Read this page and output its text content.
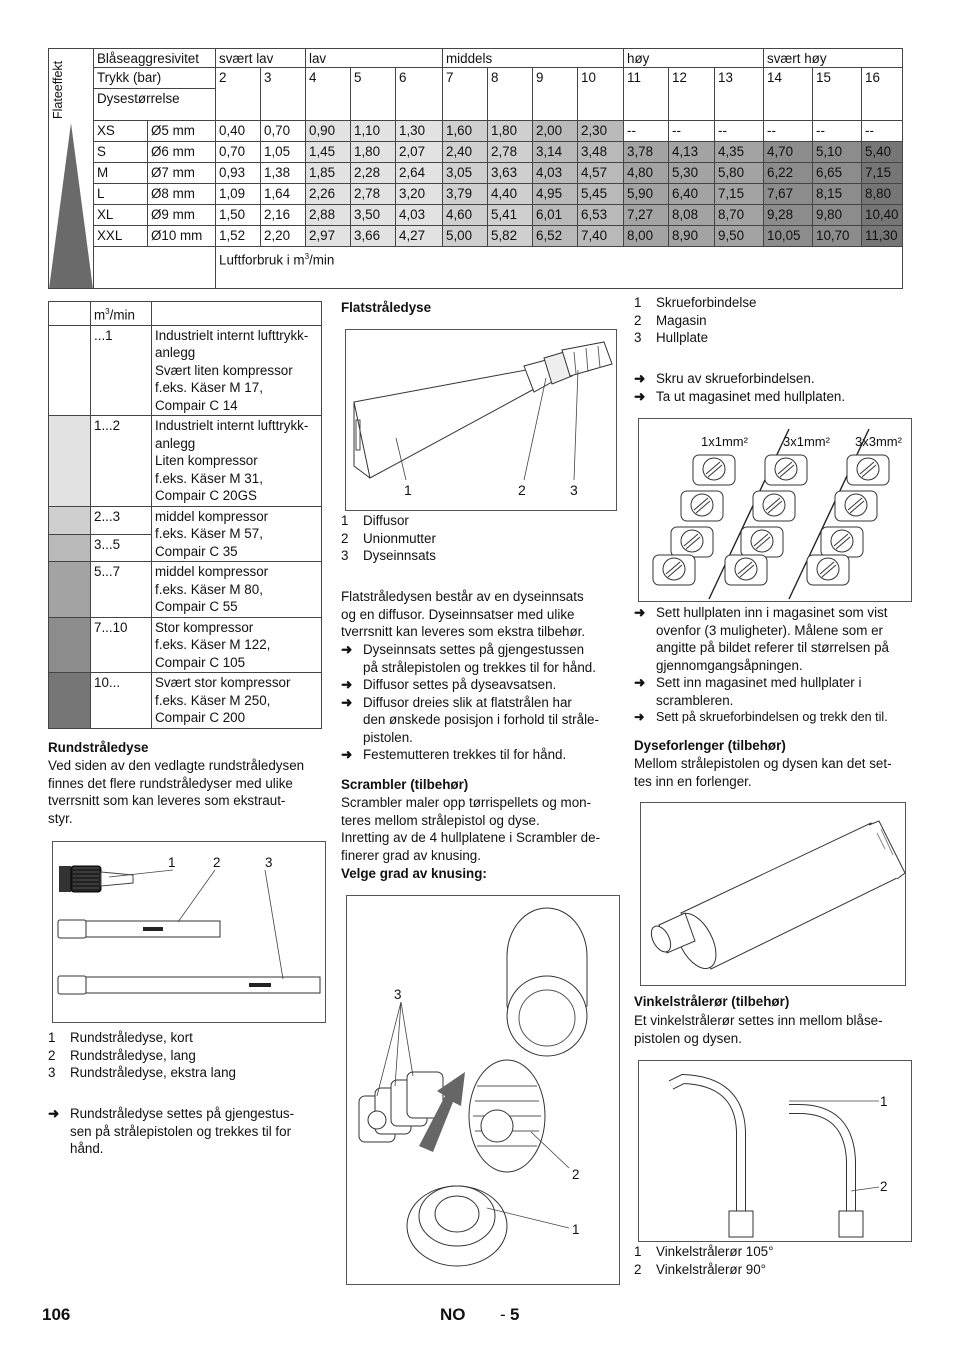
Flateeffekt	Blåseaggresivitet		svært lav		lav			middels				høy			svært høy		
	Trykk (bar)		2	3	4	5	6	7	8	9	10	11	12	13	14	15	16
	Dysestørrelse																
	XS	Ø5 mm	0,40	0,70	0,90	1,10	1,30	1,60	1,80	2,00	2,30	--	--	--	--	--	--
	S	Ø6 mm	0,70	1,05	1,45	1,80	2,07	2,40	2,78	3,14	3,48	3,78	4,13	4,35	4,70	5,10	5,40
	M	Ø7 mm	0,93	1,38	1,85	2,28	2,64	3,05	3,63	4,03	4,57	4,80	5,30	5,80	6,22	6,65	7,15
	L	Ø8 mm	1,09	1,64	2,26	2,78	3,20	3,79	4,40	4,95	5,45	5,90	6,40	7,15	7,67	8,15	8,80
	XL	Ø9 mm	1,50	2,16	2,88	3,50	4,03	4,60	5,41	6,01	6,53	7,27	8,08	8,70	9,28	9,80	10,40
	XXL	Ø10 mm	1,52	2,20	2,97	3,66	4,27	5,00	5,82	6,52	7,40	8,00	8,90	9,50	10,05	10,70	11,30
			Luftforbruk i $m^3/\min$														
	$m^3/\min$	
	...1	Industrielt internt lufttrykk-
anlegg
Svært liten kompressor
f.eks. Käser M 17,
Compair C 14

	1...2	Industrielt internt lufttrykk-
anlegg
Liten kompressor
f.eks. Käser M 31,
Compair C 20GS

	2...3	middel kompressor
f.eks. Käser M 57,
Compair C 35

	3...5	
	5...7	middel kompressor
f.eks. Käser M 80,
Compair C 55

	7...10	Stor kompressor
f.eks. Käser M 122,
Compair C 105

	10...	Svært stor kompressor
f.eks. Käser M 250,
Compair C 200
Rundstråledyse
Ved siden av den vedlagte rundstråledysen
finnes det flere rundstråledyser med ulike
tverrsnitt som kan leveres som ekstraut-
styr.
1	2	3
1	Rundstråledyse, kort
2	Rundstråledyse, lang
3	Rundstråledyse, ekstra lang
➜ Rundstråledyse settes på gjengestus-
sen på strålepistolen og trekkes til for
hånd.
Flatstråledyse
1	2	3
1	Diffusor
2	Unionmutter
3	Dyseinnsats
Flatstråledysen består av en dyseinnsats
og en diffusor. Dyseinnsatser med ulike
tverrsnitt kan leveres som ekstra tilbehør.
➜ Dyseinnsats settes på gjengestussen
på strålepistolen og trekkes til for hånd.
➜ Diffusor settes på dyseavsatsen.
➜ Diffusor dreies slik at flatstrålen har
den ønskede posisjon i forhold til stråle-
pistolen.
➜ Festemutteren trekkes til for hånd.
Scrambler (tilbehør)
Scrambler maler opp tørrispellets og mon-
teres mellom strålepistol og dyse.
Inretting av de 4 hullplatene i Scrambler de-
finerer grad av knusing.
Velge grad av knusing:
3
2
1
1	Skrueforbindelse
2	Magasin
3	Hullplate
➜ Skru av skrueforbindelsen.
➜ Ta ut magasinet med hullplaten.
1x1mm²	3x1mm² 3x3mm²
➜ Sett hullplaten inn i magasinet som vist
ovenfor (3 muligheter). Målene som er
angitte på bildet referer til størrelsen på
gjennomgangsåpningen.
➜ Sett inn magasinet med hullplater i
scrambleren.
➜ Sett på skrueforbindelsen og trekk den til.
Dyseforlenger (tilbehør)
Mellom strålepistolen og dysen kan det set-
tes inn en forlenger.
Vinkelstrålerør (tilbehør)
Et vinkelstrålerør settes inn mellom blåse-
pistolen og dysen.
1
2
1	Vinkelstrålerør 105°
2	Vinkelstrålerør 90°
106	NO - 5
